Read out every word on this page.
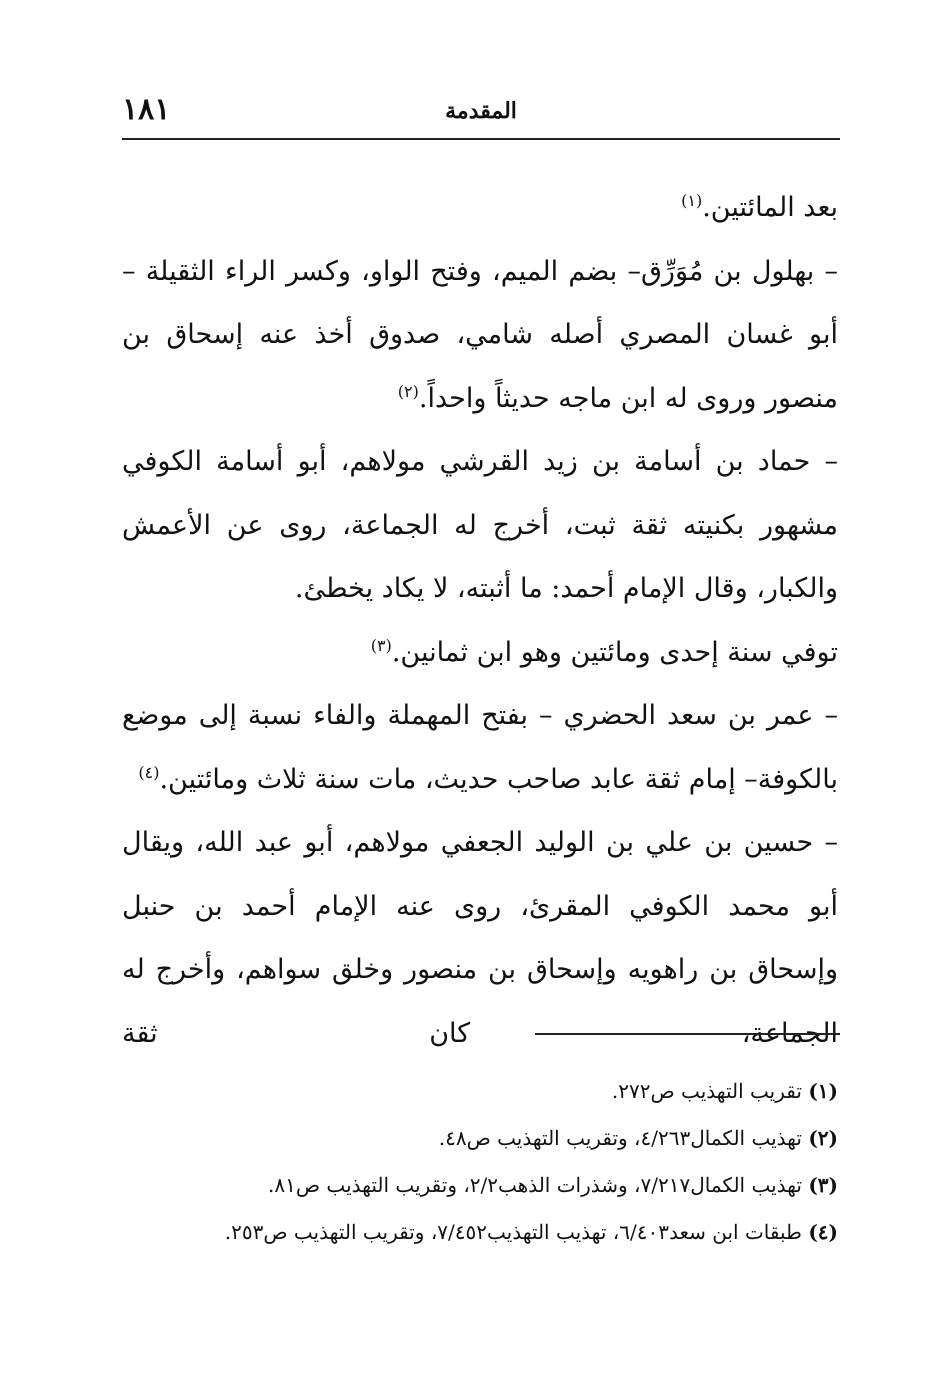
١٨١	المقدمة

بعد المائتين.$^{(١)}$

– بهلول بن مُوَرِّق– بضم الميم، وفتح الواو، وكسر الراء الثقيلة – أبو غسان المصري أصله شامي، صدوق أخذ عنه إسحاق بن منصور وروى له ابن ماجه حديثاً واحداً.$^{(٢)}$

– حماد بن أسامة بن زيد القرشي مولاهم، أبو أسامة الكوفي مشهور بكنيته ثقة ثبت، أخرج له الجماعة، روى عن الأعمش والكبار، وقال الإمام أحمد: ما أثبته، لا يكاد يخطئ.

توفي سنة إحدى ومائتين وهو ابن ثمانين.$^{(٣)}$

– عمر بن سعد الحضري – بفتح المهملة والفاء نسبة إلى موضع بالكوفة– إمام ثقة عابد صاحب حديث، مات سنة ثلاث ومائتين.$^{(٤)}$

– حسين بن علي بن الوليد الجعفي مولاهم، أبو عبد الله، ويقال أبو محمد الكوفي المقرئ، روى عنه الإمام أحمد بن حنبل وإسحاق بن راهويه وإسحاق بن منصور وخلق سواهم، وأخرج له الجماعة، كان ثقة

(١) تقريب التهذيب ص٢٧٢.

(٢) تهذيب الكمال٤/٢٦٣، وتقريب التهذيب ص٤٨.

(٣) تهذيب الكمال٧/٢١٧، وشذرات الذهب٢/٢، وتقريب التهذيب ص٨١.

(٤) طبقات ابن سعد٦/٤٠٣، تهذيب التهذيب٧/٤٥٢، وتقريب التهذيب ص٢٥٣.
